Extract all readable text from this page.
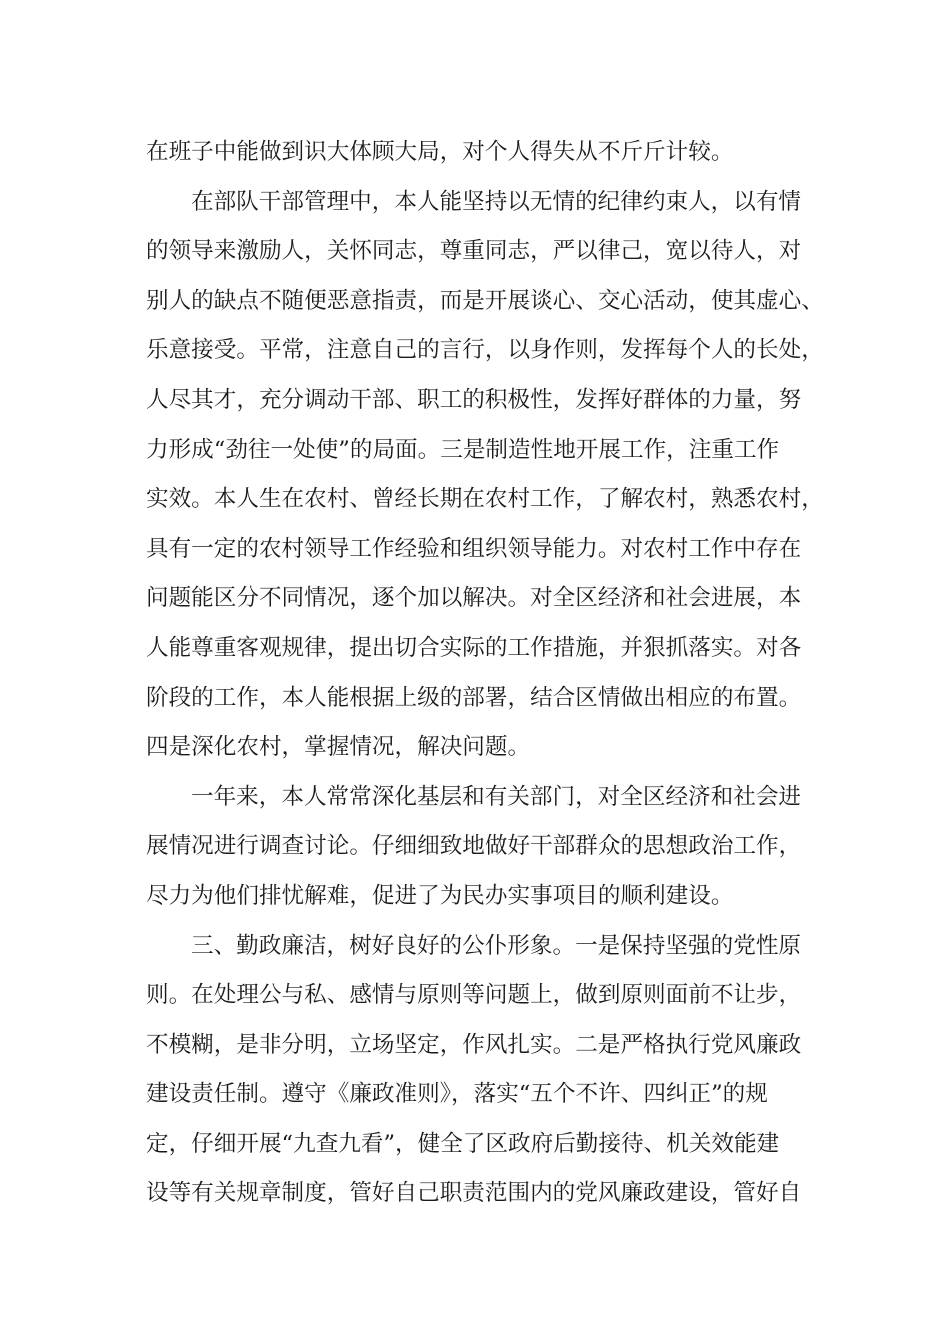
在班子中能做到识大体顾大局，对个人得失从不斤斤计较。
在部队干部管理中，本人能坚持以无情的纪律约束人，以有情
的领导来激励人，关怀同志，尊重同志，严以律己，宽以待人，对
别人的缺点不随便恶意指责，而是开展谈心、交心活动，使其虚心、
乐意接受。平常，注意自己的言行，以身作则，发挥每个人的长处，
人尽其才，充分调动干部、职工的积极性，发挥好群体的力量，努
力形成“劲往一处使”的局面。三是制造性地开展工作，注重工作
实效。本人生在农村、曾经长期在农村工作，了解农村，熟悉农村，
具有一定的农村领导工作经验和组织领导能力。对农村工作中存在
问题能区分不同情况，逐个加以解决。对全区经济和社会进展，本
人能尊重客观规律，提出切合实际的工作措施，并狠抓落实。对各
阶段的工作，本人能根据上级的部署，结合区情做出相应的布置。
四是深化农村，掌握情况，解决问题。
一年来，本人常常深化基层和有关部门，对全区经济和社会进
展情况进行调查讨论。仔细细致地做好干部群众的思想政治工作，
尽力为他们排忧解难，促进了为民办实事项目的顺利建设。
三、勤政廉洁，树好良好的公仆形象。一是保持坚强的党性原
则。在处理公与私、感情与原则等问题上，做到原则面前不让步，
不模糊，是非分明，立场坚定，作风扎实。二是严格执行党风廉政
建设责任制。遵守《廉政准则》，落实“五个不许、四纠正”的规
定，仔细开展“九查九看”，健全了区政府后勤接待、机关效能建
设等有关规章制度，管好自己职责范围内的党风廉政建设，管好自
